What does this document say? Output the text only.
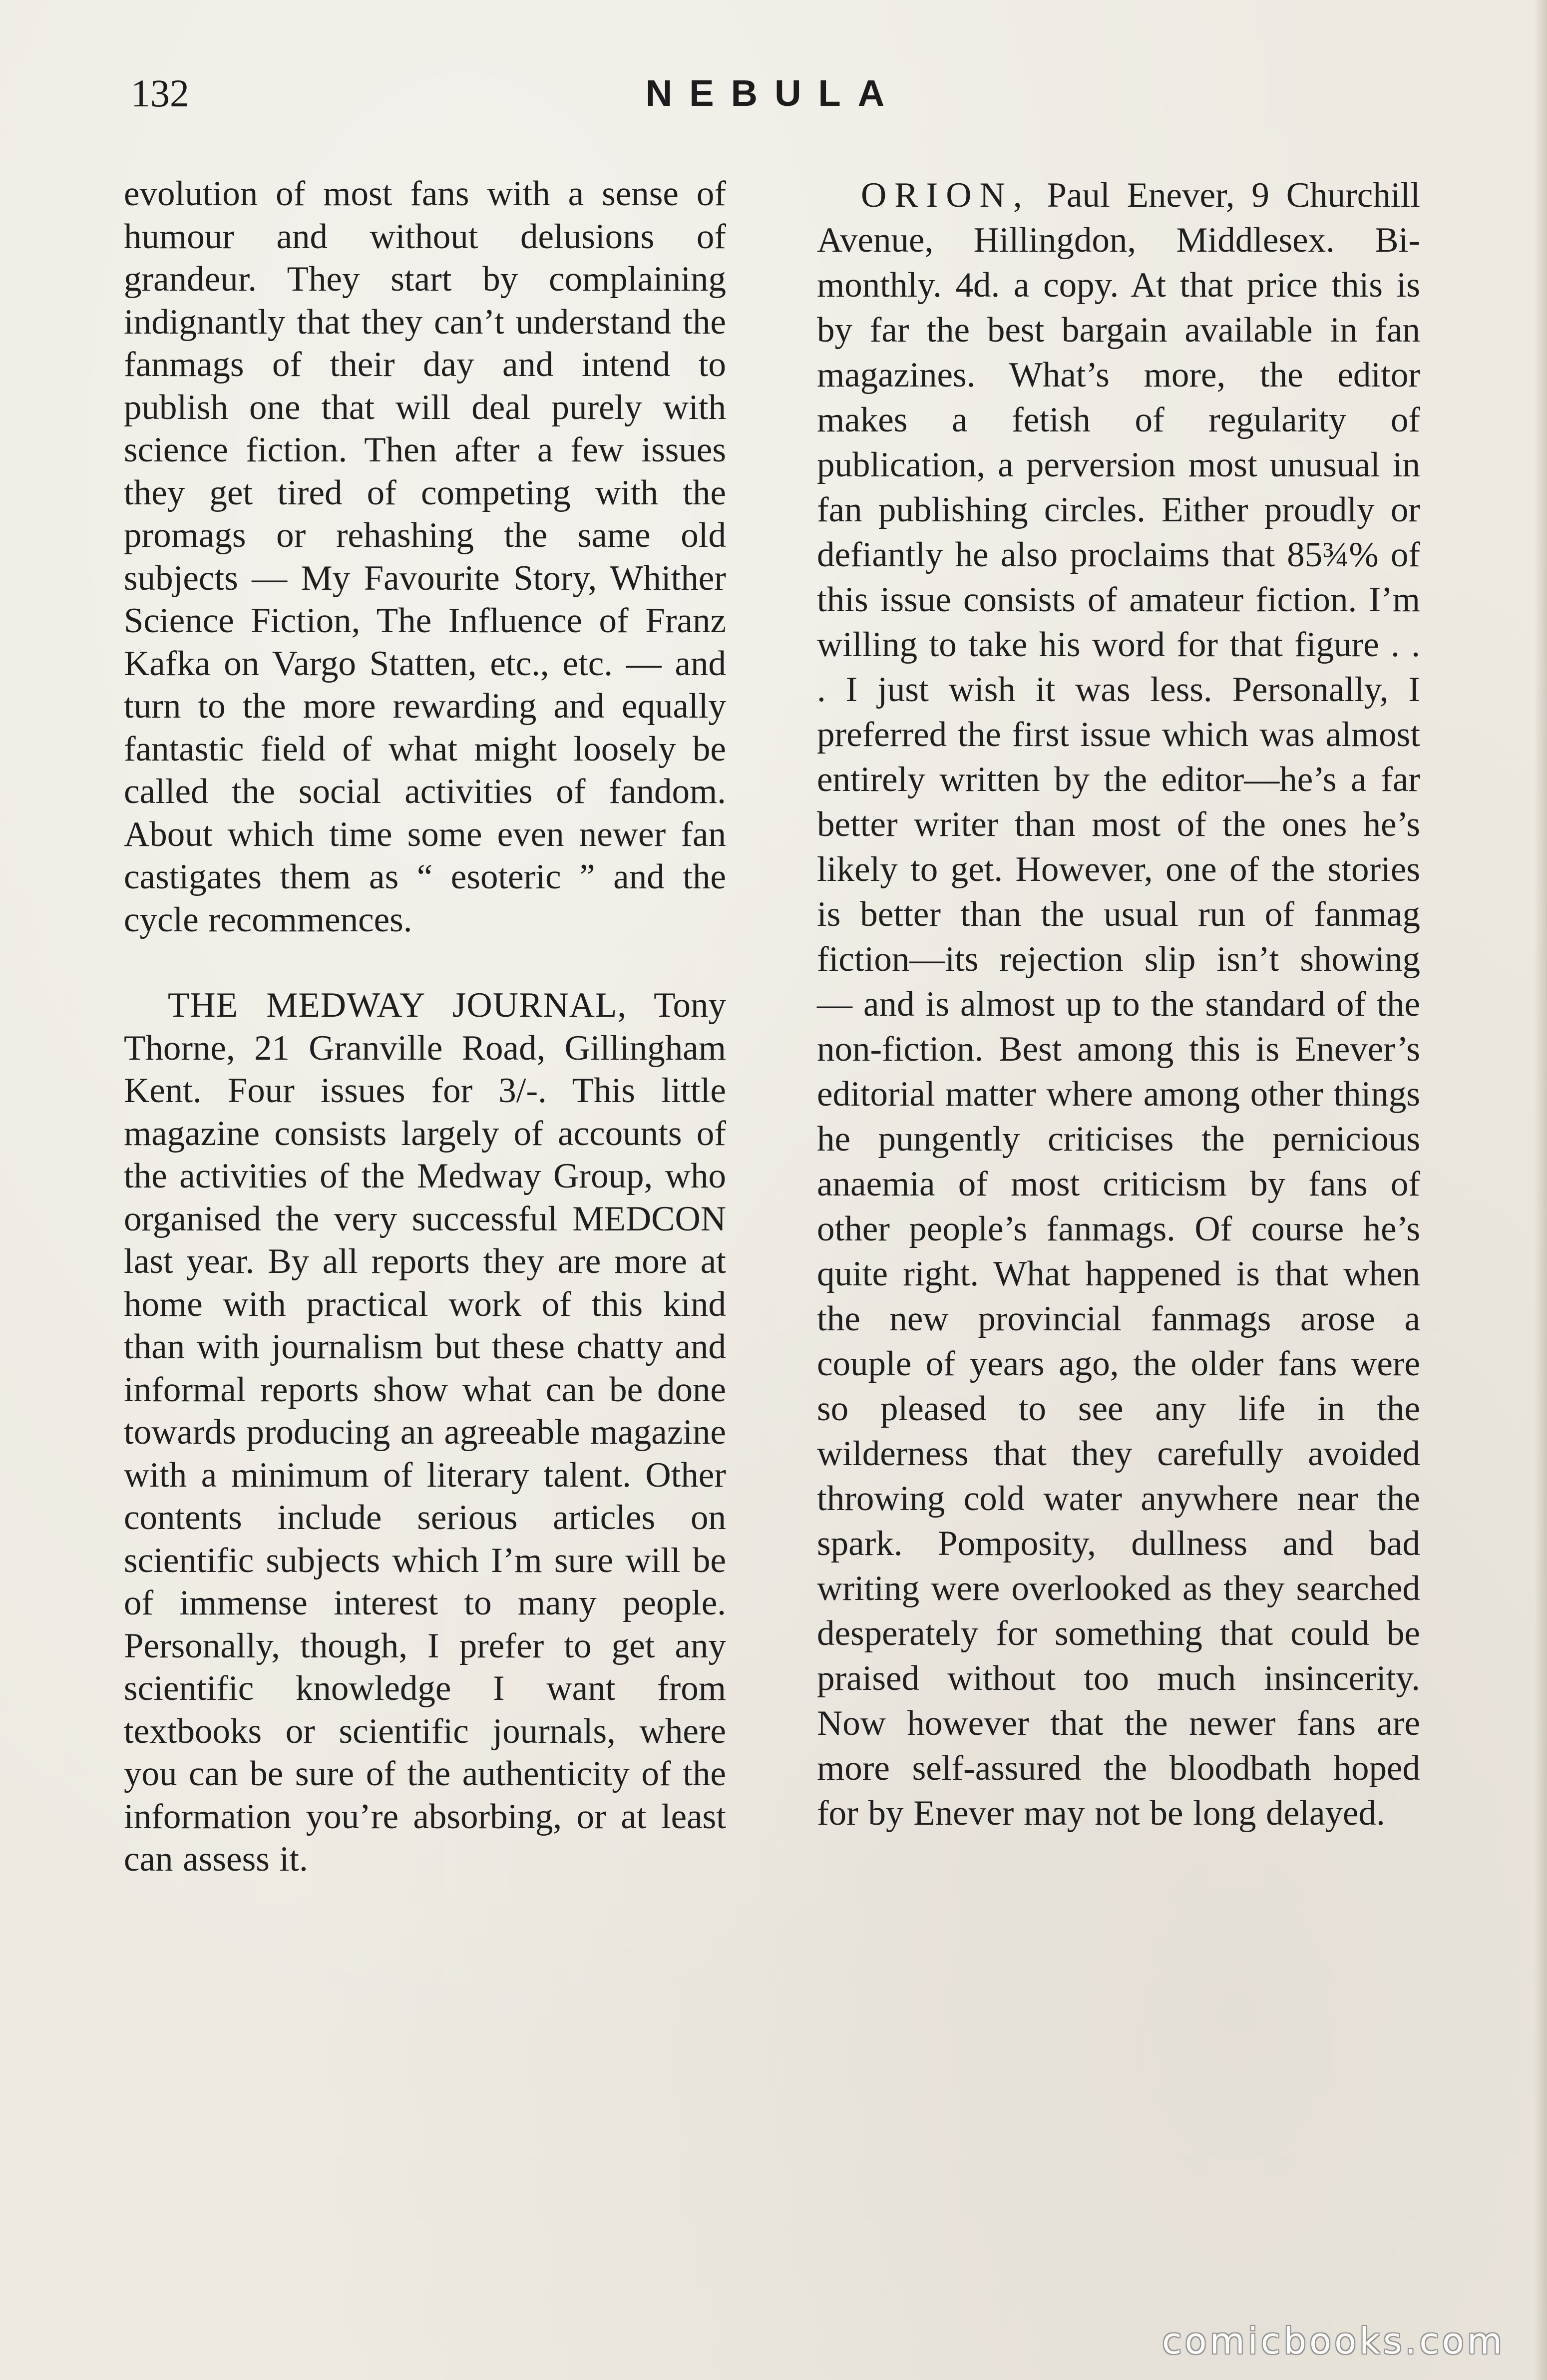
132	NEBULA

evolution of most fans with a sense of humour and without delusions of grandeur. They start by complaining indignantly that they can’t understand the fanmags of their day and intend to publish one that will deal purely with science fiction. Then after a few issues they get tired of competing with the promags or rehashing the same old subjects — My Favourite Story, Whither Science Fiction, The Influence of Franz Kafka on Vargo Statten, etc., etc. — and turn to the more rewarding and equally fantastic field of what might loosely be called the social activities of fandom. About which time some even newer fan castigates them as “ esoteric ” and the cycle recommences.

THE MEDWAY JOURNAL, Tony Thorne, 21 Granville Road, Gillingham Kent. Four issues for 3/-. This little magazine consists largely of accounts of the activities of the Medway Group, who organised the very successful MEDCON last year. By all reports they are more at home with practical work of this kind than with journalism but these chatty and informal reports show what can be done towards producing an agreeable magazine with a minimum of literary talent. Other contents include serious articles on scientific subjects which I’m sure will be of immense interest to many people. Personally, though, I prefer to get any scientific knowledge I want from textbooks or scientific journals, where you can be sure of the authenticity of the information you’re absorbing, or at least can assess it.

ORION, Paul Enever, 9 Churchill Avenue, Hillingdon, Middlesex. Bi-monthly. 4d. a copy. At that price this is by far the best bargain available in fan magazines. What’s more, the editor makes a fetish of regularity of publication, a perversion most unusual in fan publishing circles. Either proudly or defiantly he also proclaims that 85¾% of this issue consists of amateur fiction. I’m willing to take his word for that figure . . . I just wish it was less. Personally, I preferred the first issue which was almost entirely written by the editor—he’s a far better writer than most of the ones he’s likely to get. However, one of the stories is better than the usual run of fanmag fiction—its rejection slip isn’t showing — and is almost up to the standard of the non-fiction. Best among this is Enever’s editorial matter where among other things he pungently criticises the pernicious anaemia of most criticism by fans of other people’s fanmags. Of course he’s quite right. What happened is that when the new provincial fanmags arose a couple of years ago, the older fans were so pleased to see any life in the wilderness that they carefully avoided throwing cold water anywhere near the spark. Pomposity, dullness and bad writing were overlooked as they searched desperately for something that could be praised without too much insincerity. Now however that the newer fans are more self-assured the bloodbath hoped for by Enever may not be long delayed.

comicbooks.com
